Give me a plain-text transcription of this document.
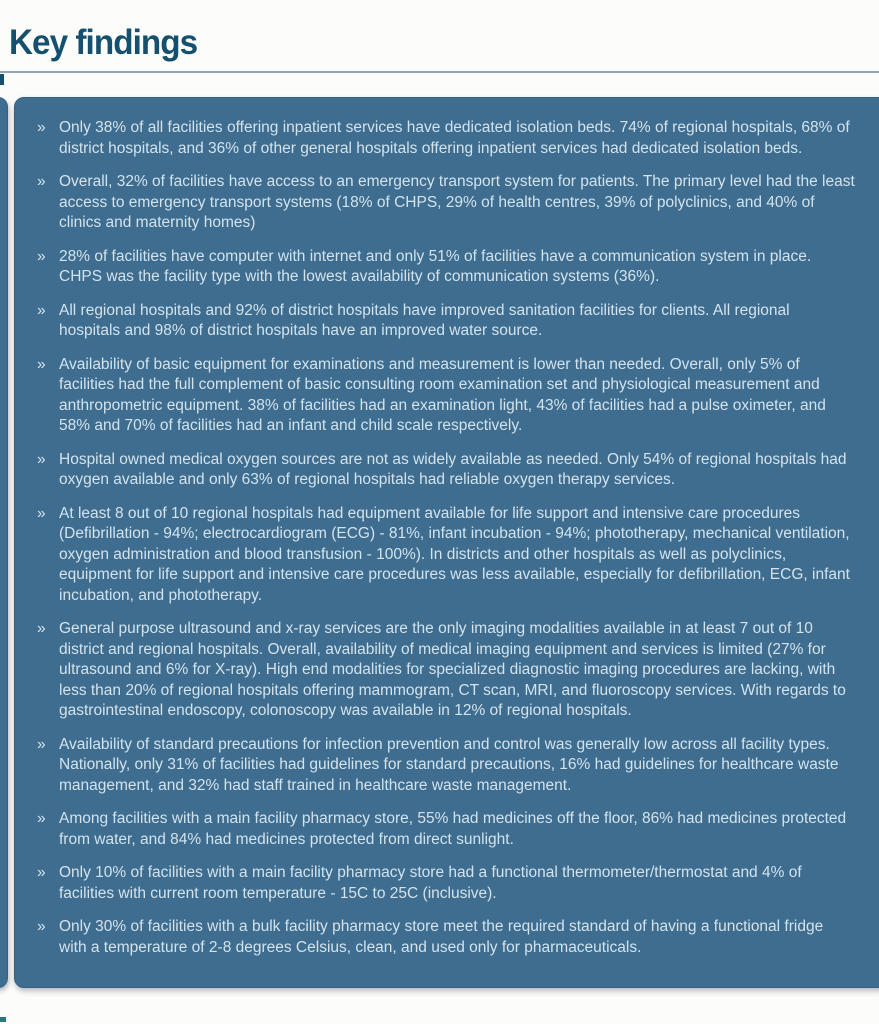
Key findings
» Only 38% of all facilities offering inpatient services have dedicated isolation beds. 74% of regional hospitals, 68% of district hospitals, and 36% of other general hospitals offering inpatient services had dedicated isolation beds.
» Overall, 32% of facilities have access to an emergency transport system for patients. The primary level had the least access to emergency transport systems (18% of CHPS, 29% of health centres, 39% of polyclinics, and 40% of clinics and maternity homes)
» 28% of facilities have computer with internet and only 51% of facilities have a communication system in place. CHPS was the facility type with the lowest availability of communication systems (36%).
» All regional hospitals and 92% of district hospitals have improved sanitation facilities for clients. All regional hospitals and 98% of district hospitals have an improved water source.
» Availability of basic equipment for examinations and measurement is lower than needed. Overall, only 5% of facilities had the full complement of basic consulting room examination set and physiological measurement and anthropometric equipment. 38% of facilities had an examination light, 43% of facilities had a pulse oximeter, and 58% and 70% of facilities had an infant and child scale respectively.
» Hospital owned medical oxygen sources are not as widely available as needed. Only 54% of regional hospitals had oxygen available and only 63% of regional hospitals had reliable oxygen therapy services.
» At least 8 out of 10 regional hospitals had equipment available for life support and intensive care procedures (Defibrillation - 94%; electrocardiogram (ECG) - 81%, infant incubation - 94%; phototherapy, mechanical ventilation, oxygen administration and blood transfusion - 100%). In districts and other hospitals as well as polyclinics, equipment for life support and intensive care procedures was less available, especially for defibrillation, ECG, infant incubation, and phototherapy.
» General purpose ultrasound and x-ray services are the only imaging modalities available in at least 7 out of 10 district and regional hospitals. Overall, availability of medical imaging equipment and services is limited (27% for ultrasound and 6% for X-ray). High end modalities for specialized diagnostic imaging procedures are lacking, with less than 20% of regional hospitals offering mammogram, CT scan, MRI, and fluoroscopy services. With regards to gastrointestinal endoscopy, colonoscopy was available in 12% of regional hospitals.
» Availability of standard precautions for infection prevention and control was generally low across all facility types. Nationally, only 31% of facilities had guidelines for standard precautions, 16% had guidelines for healthcare waste management, and 32% had staff trained in healthcare waste management.
» Among facilities with a main facility pharmacy store, 55% had medicines off the floor, 86% had medicines protected from water, and 84% had medicines protected from direct sunlight.
» Only 10% of facilities with a main facility pharmacy store had a functional thermometer/thermostat and 4% of facilities with current room temperature - 15C to 25C (inclusive).
» Only 30% of facilities with a bulk facility pharmacy store meet the required standard of having a functional fridge with a temperature of 2-8 degrees Celsius, clean, and used only for pharmaceuticals.
